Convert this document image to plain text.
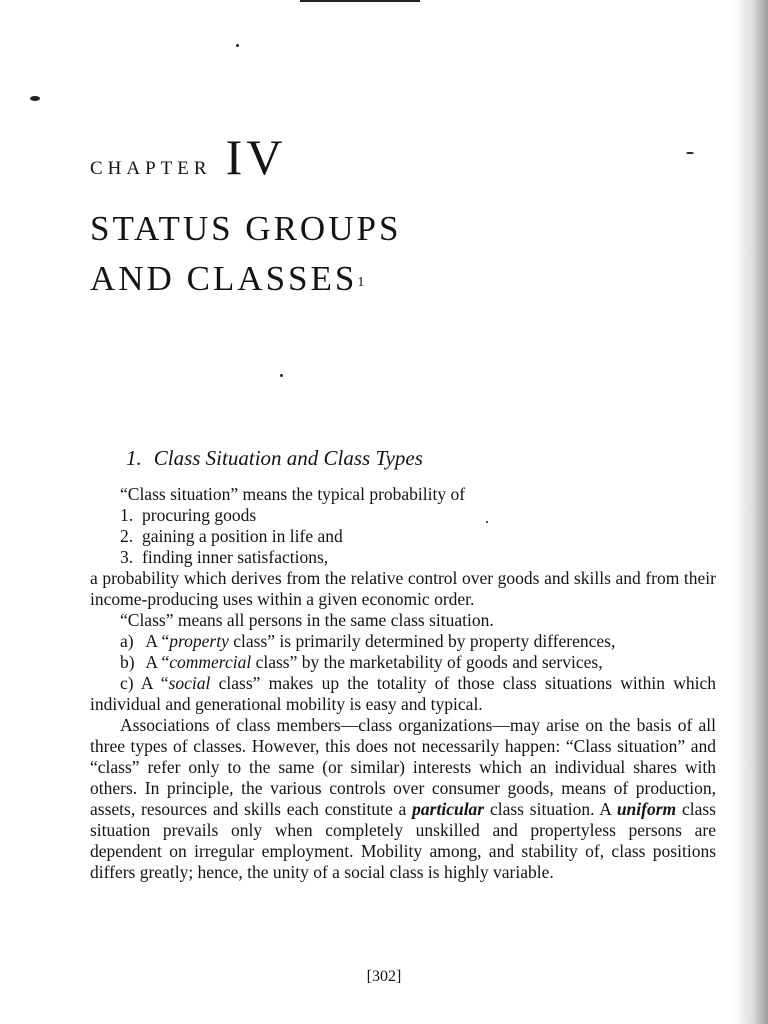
CHAPTER IV
STATUS GROUPS
AND CLASSES$^1$
1. Class Situation and Class Types

“Class situation” means the typical probability of

1. procuring goods

2. gaining a position in life and

3. finding inner satisfactions,

a probability which derives from the relative control over goods and skills and from their income-producing uses within a given economic order.

“Class” means all persons in the same class situation.

a) A “property class” is primarily determined by property differences,

b) A “commercial class” by the marketability of goods and services,

c) A “social class” makes up the totality of those class situations within which individual and generational mobility is easy and typical.

Associations of class members—class organizations—may arise on the basis of all three types of classes. However, this does not necessarily happen: “Class situation” and “class” refer only to the same (or similar) interests which an individual shares with others. In principle, the various controls over consumer goods, means of production, assets, resources and skills each constitute a particular class situation. A uniform class situation prevails only when completely unskilled and propertyless persons are dependent on irregular employment. Mobility among, and stability of, class positions differs greatly; hence, the unity of a social class is highly variable.

[302]
